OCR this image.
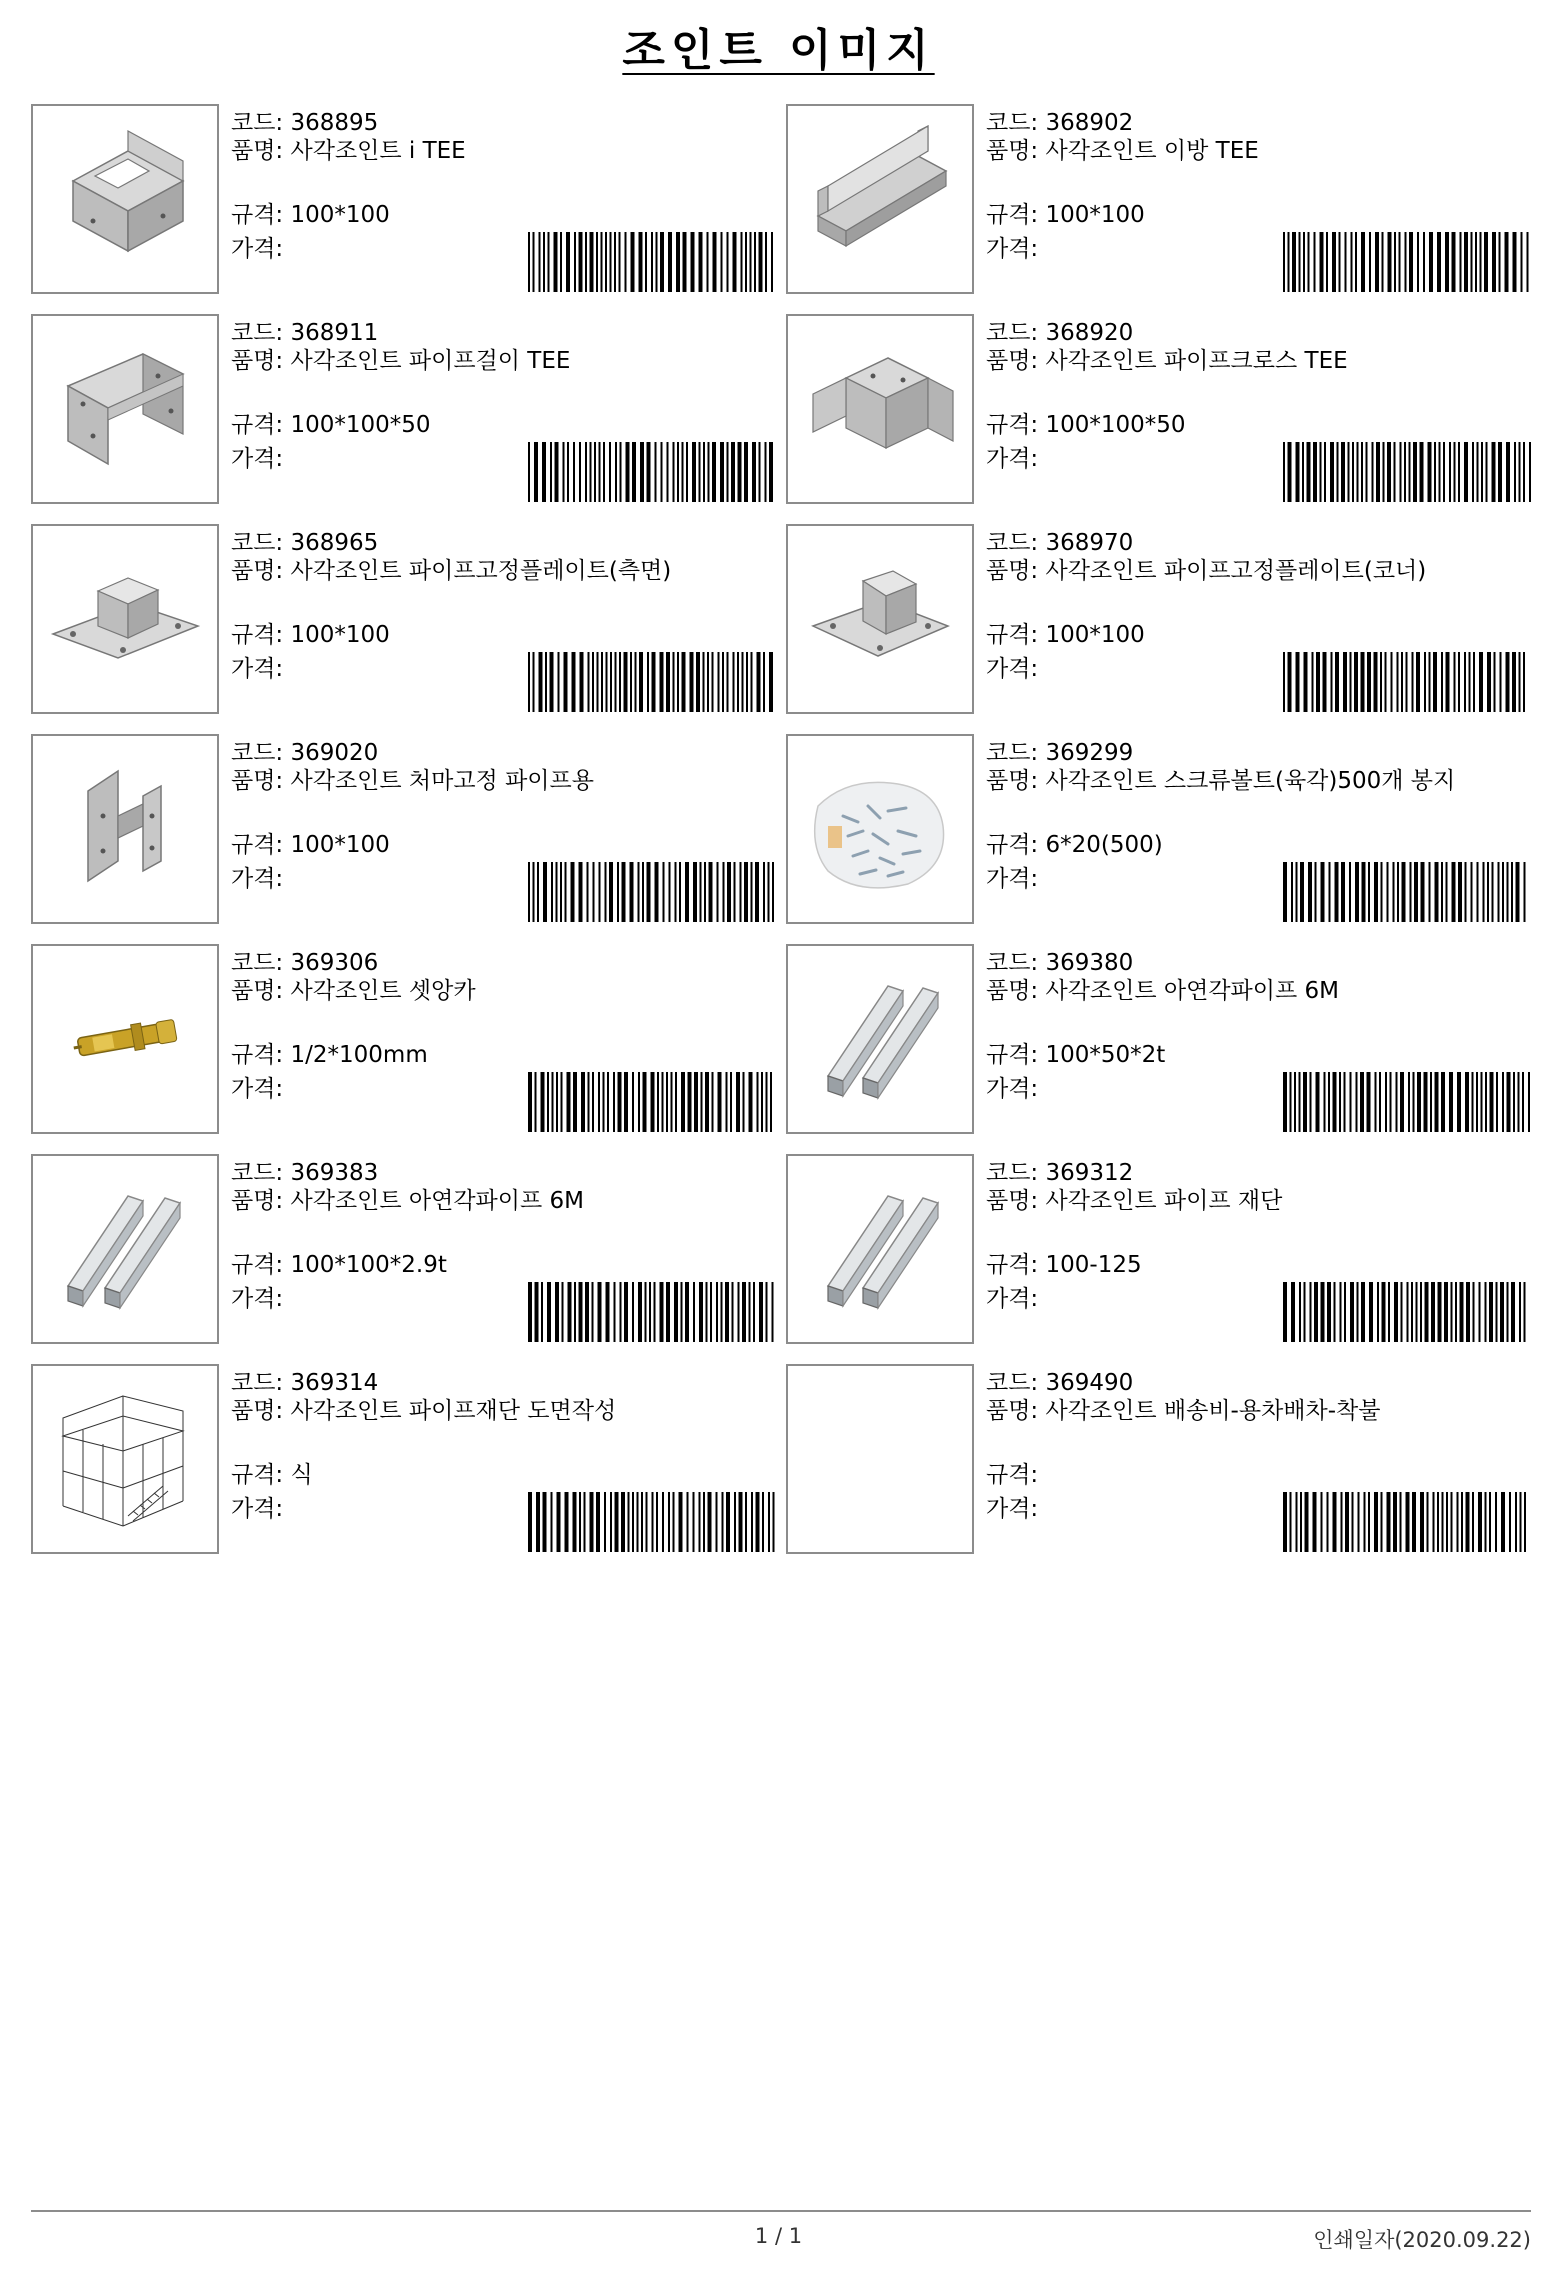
조인트 이미지
코드: 368895
품명: 사각조인트 i TEE
규격: 100*100
가격:
코드: 368902
품명: 사각조인트 이방 TEE
규격: 100*100
가격:
코드: 368911
품명: 사각조인트 파이프걸이 TEE
규격: 100*100*50
가격:
코드: 368920
품명: 사각조인트 파이프크로스 TEE
규격: 100*100*50
가격:
코드: 368965
품명: 사각조인트 파이프고정플레이트(측면)
규격: 100*100
가격:
코드: 368970
품명: 사각조인트 파이프고정플레이트(코너)
규격: 100*100
가격:
코드: 369020
품명: 사각조인트 처마고정 파이프용
규격: 100*100
가격:
코드: 369299
품명: 사각조인트 스크류볼트(육각)500개 봉지
규격: 6*20(500)
가격:
코드: 369306
품명: 사각조인트 셋앙카
규격: 1/2*100mm
가격:
코드: 369380
품명: 사각조인트 아연각파이프 6M
규격: 100*50*2t
가격:
코드: 369383
품명: 사각조인트 아연각파이프 6M
규격: 100*100*2.9t
가격:
코드: 369312
품명: 사각조인트 파이프 재단
규격: 100-125
가격:
코드: 369314
품명: 사각조인트 파이프재단 도면작성
규격: 식
가격:
코드: 369490
품명: 사각조인트 배송비-용차배차-착불
규격:
가격:
1 / 1	인쇄일자(2020.09.22)
